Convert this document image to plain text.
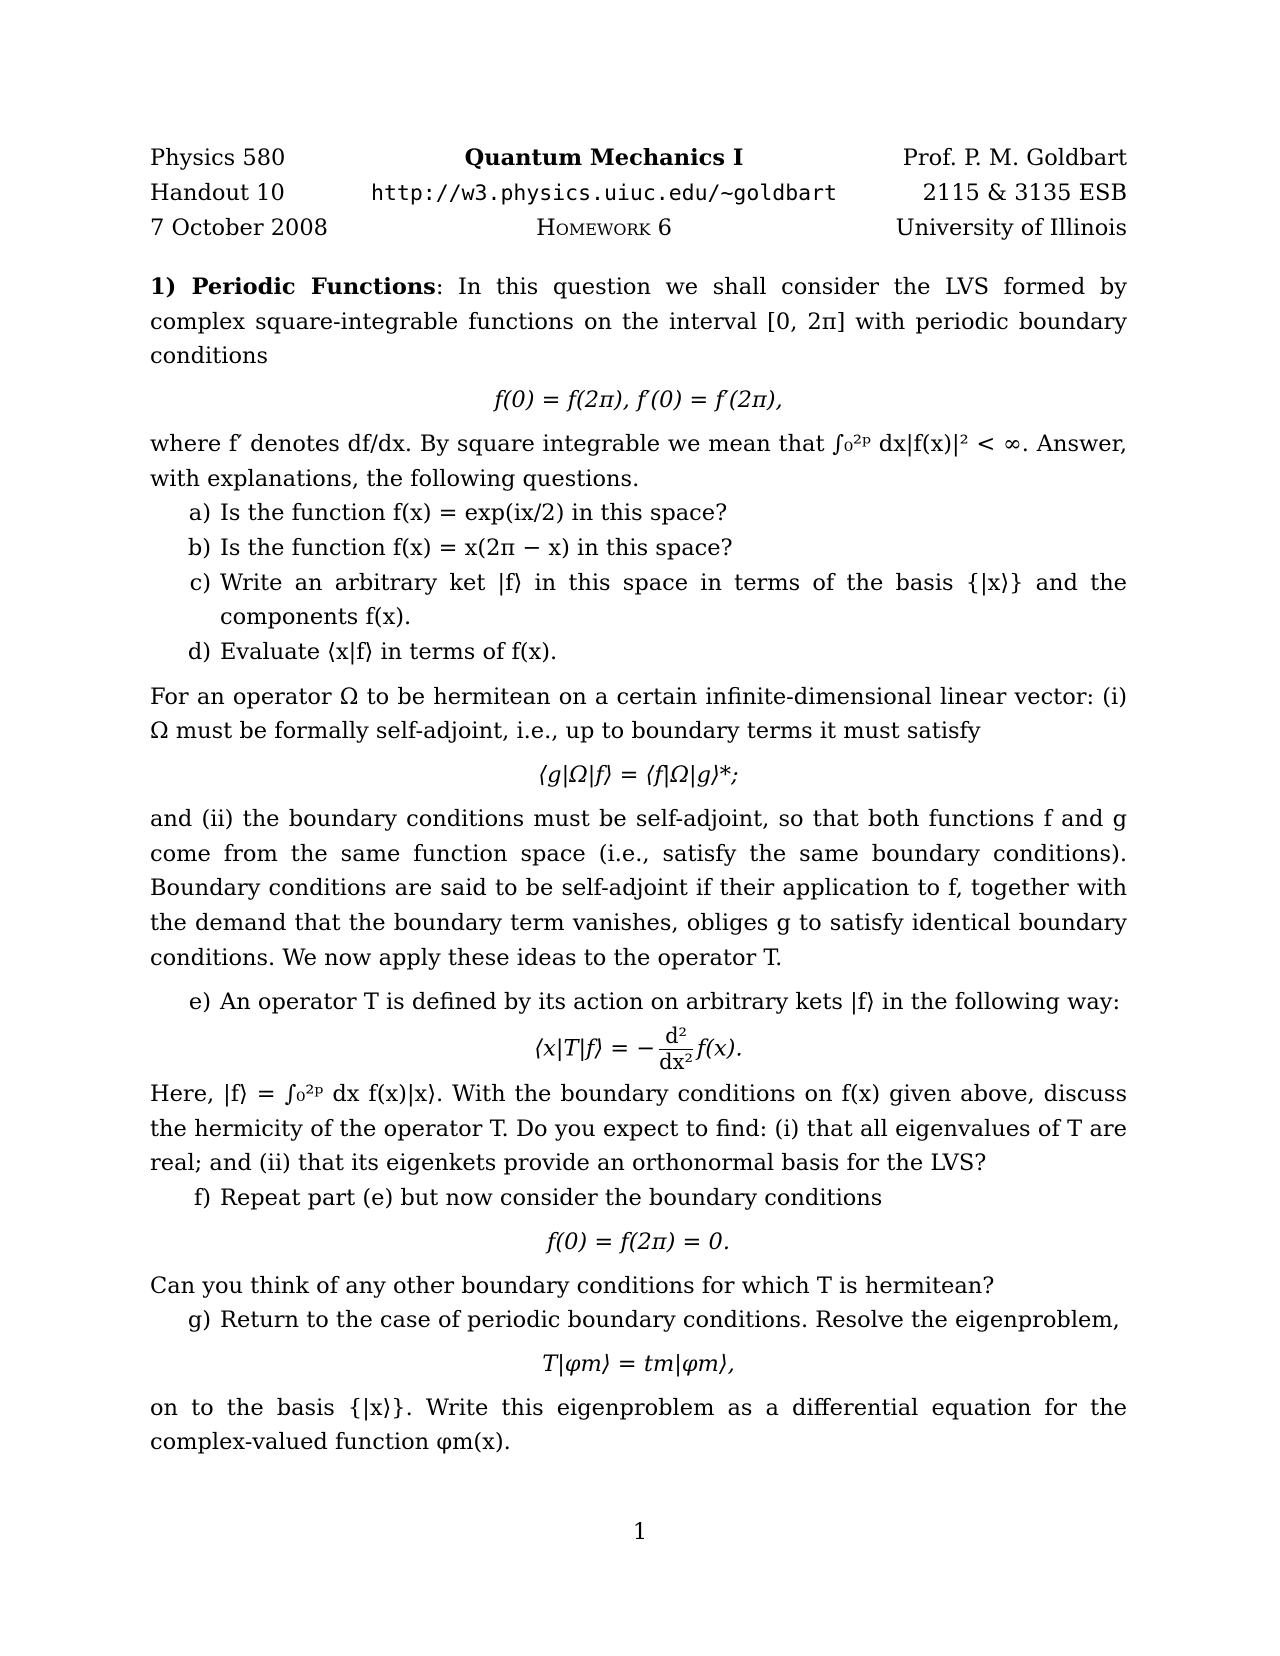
Physics 580
Handout 10
7 October 2008
Quantum Mechanics I
http://w3.physics.uiuc.edu/~goldbart
Homework 6
Prof. P. M. Goldbart
2115 & 3135 ESB
University of Illinois

1) Periodic Functions: In this question we shall consider the LVS formed by complex square-integrable functions on the interval [0, 2π] with periodic boundary conditions

f(0) = f(2π), f′(0) = f′(2π),

where f′ denotes df/dx. By square integrable we mean that ∫₀²ᵖ dx|f(x)|² < ∞. Answer, with explanations, the following questions.

a) Is the function f(x) = exp(ix/2) in this space?
b) Is the function f(x) = x(2π − x) in this space?
c) Write an arbitrary ket |f⟩ in this space in terms of the basis {|x⟩} and the components f(x).
d) Evaluate ⟨x|f⟩ in terms of f(x).

For an operator Ω to be hermitean on a certain infinite-dimensional linear vector: (i) Ω must be formally self-adjoint, i.e., up to boundary terms it must satisfy

⟨g|Ω|f⟩ = ⟨f|Ω|g⟩*;

and (ii) the boundary conditions must be self-adjoint, so that both functions f and g come from the same function space (i.e., satisfy the same boundary conditions). Boundary conditions are said to be self-adjoint if their application to f, together with the demand that the boundary term vanishes, obliges g to satisfy identical boundary conditions. We now apply these ideas to the operator T.

e) An operator T is defined by its action on arbitrary kets |f⟩ in the following way:
⟨x|T|f⟩ = − $\frac{\text{d²}}{\text{dx²}} f(x)$.

Here, |f⟩ = ∫₀²ᵖ dx f(x)|x⟩. With the boundary conditions on f(x) given above, discuss the hermicity of the operator T. Do you expect to find: (i) that all eigenvalues of T are real; and (ii) that its eigenkets provide an orthonormal basis for the LVS?

f) Repeat part (e) but now consider the boundary conditions
f(0) = f(2π) = 0.

Can you think of any other boundary conditions for which T is hermitean?

g) Return to the case of periodic boundary conditions. Resolve the eigenproblem,
T|φm⟩ = tm|φm⟩,

on to the basis {|x⟩}. Write this eigenproblem as a differential equation for the complex-valued function φm(x).

1
